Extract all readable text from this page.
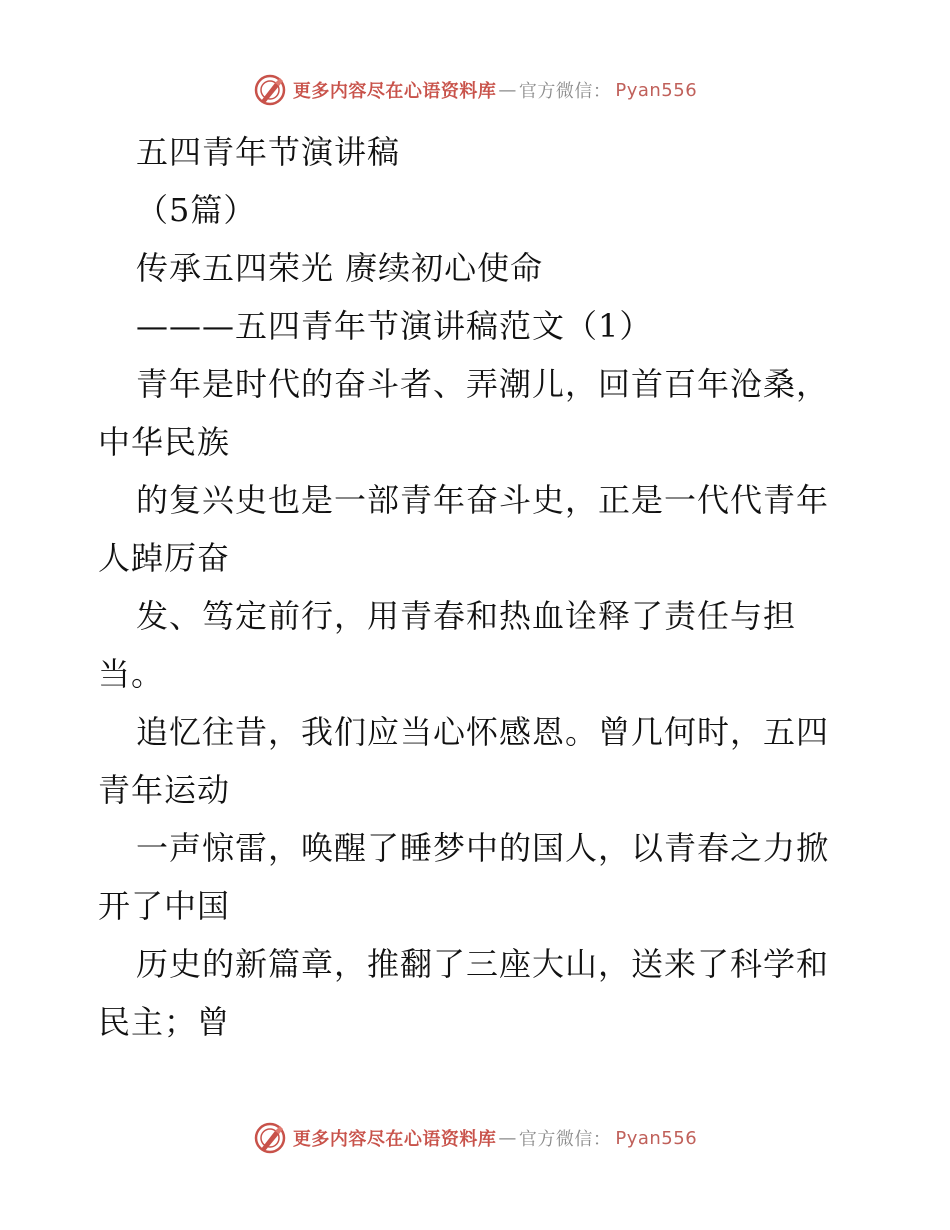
更多内容尽在心语资料库 — 官方微信： Pyan556
五四青年节演讲稿
（5篇）
传承五四荣光 赓续初心使命
———五四青年节演讲稿范文（1）
青年是时代的奋斗者、弄潮儿，回首百年沧桑，
中华民族
的复兴史也是一部青年奋斗史，正是一代代青年
人踔厉奋
发、笃定前行，用青春和热血诠释了责任与担
当。
追忆往昔，我们应当心怀感恩。曾几何时，五四
青年运动
一声惊雷，唤醒了睡梦中的国人，以青春之力掀
开了中国
历史的新篇章，推翻了三座大山，送来了科学和
民主；曾
更多内容尽在心语资料库 — 官方微信： Pyan556
